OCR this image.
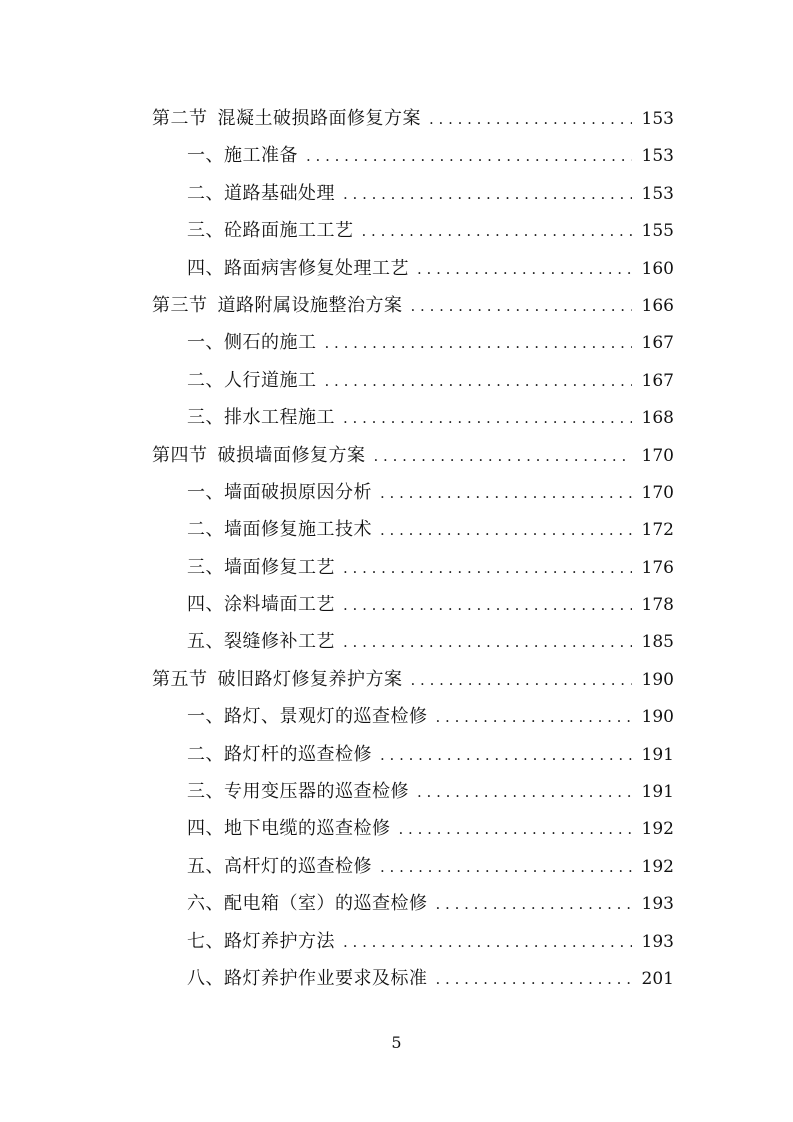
第二节 混凝土破损路面修复方案 . . .	153
一、施工准备 . . .	153
二、道路基础处理 . . .	153
三、砼路面施工工艺 . . .	155
四、路面病害修复处理工艺 . . .	160
第三节 道路附属设施整治方案 . . .	166
一、侧石的施工 . . .	167
二、人行道施工 . . .	167
三、排水工程施工 . . .	168
第四节 破损墙面修复方案 . . .	170
一、墙面破损原因分析 . . .	170
二、墙面修复施工技术 . . .	172
三、墙面修复工艺 . . .	176
四、涂料墙面工艺 . . .	178
五、裂缝修补工艺 . . .	185
第五节 破旧路灯修复养护方案 . . .	190
一、路灯、景观灯的巡查检修 . . .	190
二、路灯杆的巡查检修 . . .	191
三、专用变压器的巡查检修 . . .	191
四、地下电缆的巡查检修 . . .	192
五、高杆灯的巡查检修 . . .	192
六、配电箱（室）的巡查检修 . . .	193
七、路灯养护方法 . . .	193
八、路灯养护作业要求及标准 . . .	201
5
